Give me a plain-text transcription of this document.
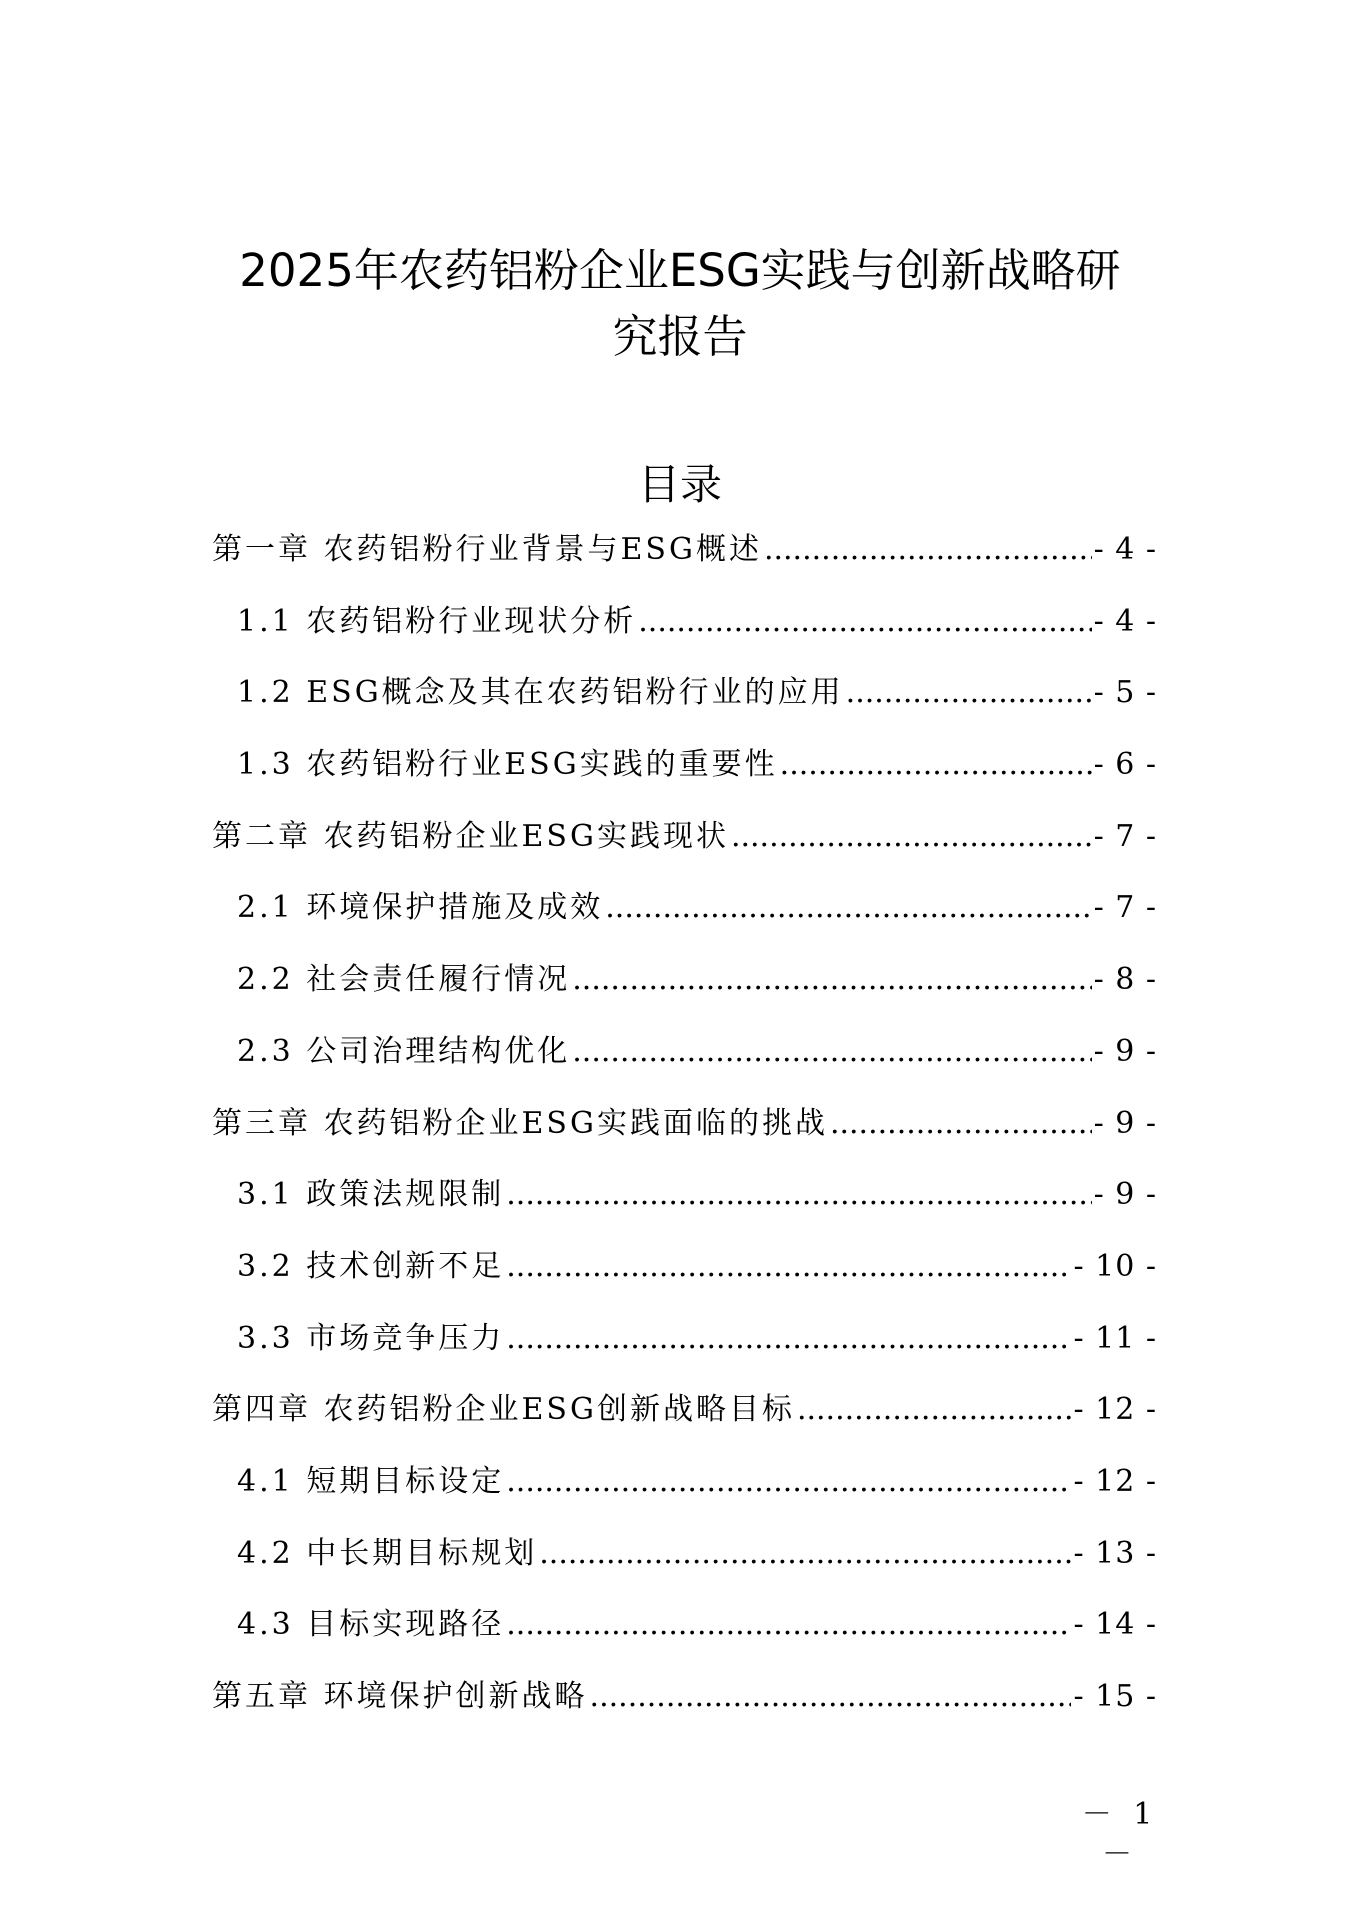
2025年农药铝粉企业ESG实践与创新战略研
究报告
目录
第一章 农药铝粉行业背景与ESG概述 .....	- 4 -
1.1 农药铝粉行业现状分析 .....	- 4 -
1.2 ESG概念及其在农药铝粉行业的应用 .....	- 5 -
1.3 农药铝粉行业ESG实践的重要性 .....	- 6 -
第二章 农药铝粉企业ESG实践现状 .....	- 7 -
2.1 环境保护措施及成效 .....	- 7 -
2.2 社会责任履行情况 .....	- 8 -
2.3 公司治理结构优化 .....	- 9 -
第三章 农药铝粉企业ESG实践面临的挑战 .....	- 9 -
3.1 政策法规限制 .....	- 9 -
3.2 技术创新不足 .....	- 10 -
3.3 市场竞争压力 .....	- 11 -
第四章 农药铝粉企业ESG创新战略目标 .....	- 12 -
4.1 短期目标设定 .....	- 12 -
4.2 中长期目标规划 .....	- 13 -
4.3 目标实现路径 .....	- 14 -
第五章 环境保护创新战略 .....	- 15 -

－ 1 －
